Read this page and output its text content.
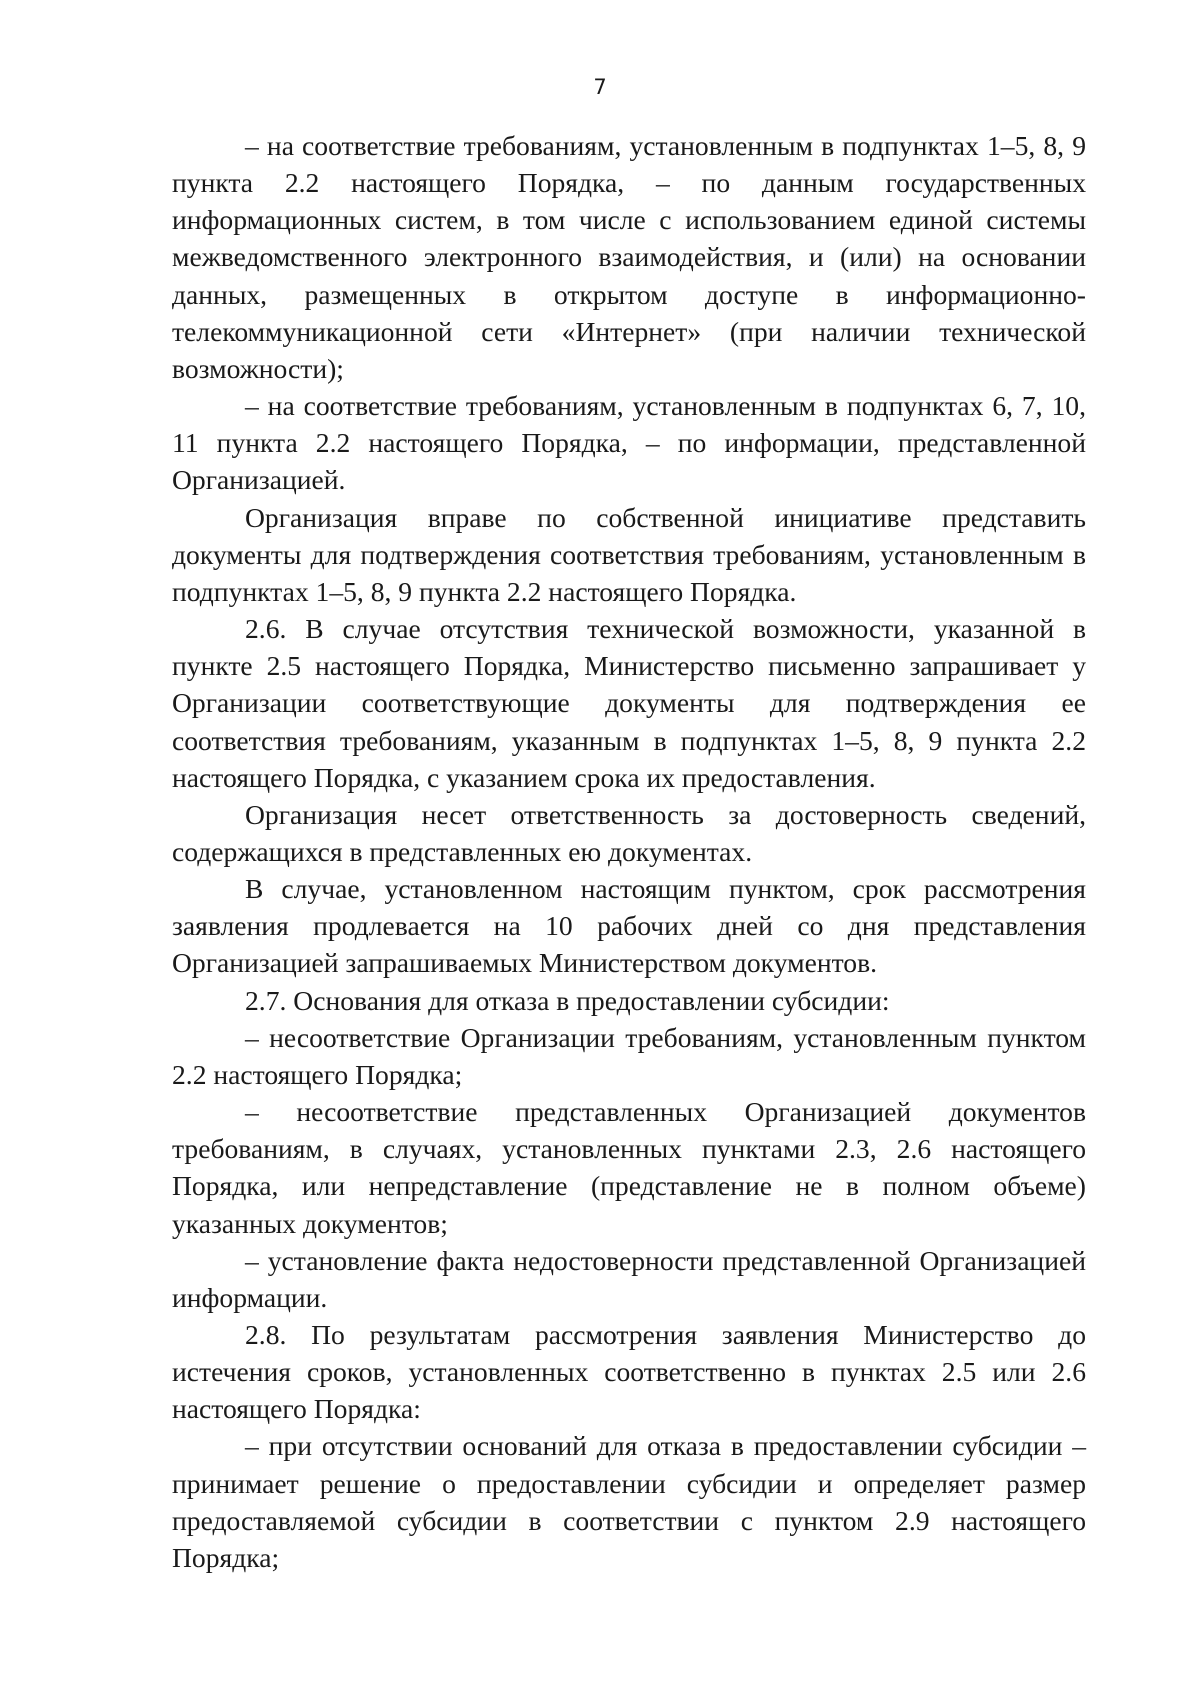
7

– на соответствие требованиям, установленным в подпунктах 1–5, 8, 9 пункта 2.2 настоящего Порядка, – по данным государственных информационных систем, в том числе с использованием единой системы межведомственного электронного взаимодействия, и (или) на основании данных, размещенных в открытом доступе в информационно-телекоммуникационной сети «Интернет» (при наличии технической возможности);

– на соответствие требованиям, установленным в подпунктах 6, 7, 10, 11 пункта 2.2 настоящего Порядка, – по информации, представленной Организацией.

Организация вправе по собственной инициативе представить документы для подтверждения соответствия требованиям, установленным в подпунктах 1–5, 8, 9 пункта 2.2 настоящего Порядка.

2.6. В случае отсутствия технической возможности, указанной в пункте 2.5 настоящего Порядка, Министерство письменно запрашивает у Организации соответствующие документы для подтверждения ее соответствия требованиям, указанным в подпунктах 1–5, 8, 9 пункта 2.2 настоящего Порядка, с указанием срока их предоставления.

Организация несет ответственность за достоверность сведений, содержащихся в представленных ею документах.

В случае, установленном настоящим пунктом, срок рассмотрения заявления продлевается на 10 рабочих дней со дня представления Организацией запрашиваемых Министерством документов.

2.7. Основания для отказа в предоставлении субсидии:

– несоответствие Организации требованиям, установленным пунктом 2.2 настоящего Порядка;

– несоответствие представленных Организацией документов требованиям, в случаях, установленных пунктами 2.3, 2.6 настоящего Порядка, или непредставление (представление не в полном объеме) указанных документов;

– установление факта недостоверности представленной Организацией информации.

2.8. По результатам рассмотрения заявления Министерство до истечения сроков, установленных соответственно в пунктах 2.5 или 2.6 настоящего Порядка:

– при отсутствии оснований для отказа в предоставлении субсидии – принимает решение о предоставлении субсидии и определяет размер предоставляемой субсидии в соответствии с пунктом 2.9 настоящего Порядка;
